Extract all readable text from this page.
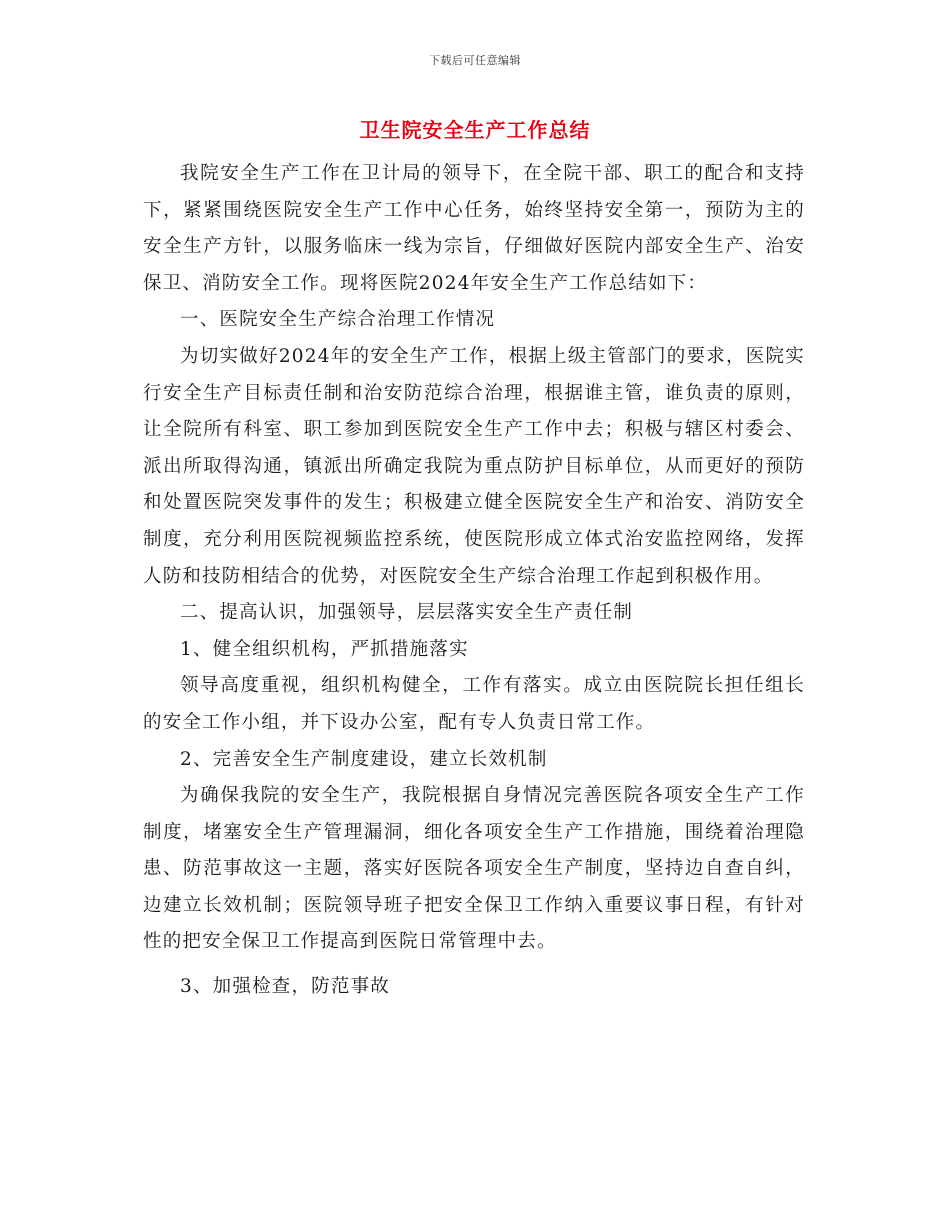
下载后可任意编辑
卫生院安全生产工作总结

我院安全生产工作在卫计局的领导下，在全院干部、职工的配合和支持下，紧紧围绕医院安全生产工作中心任务，始终坚持安全第一，预防为主的安全生产方针，以服务临床一线为宗旨，仔细做好医院内部安全生产、治安保卫、消防安全工作。现将医院2024年安全生产工作总结如下：

一、医院安全生产综合治理工作情况

为切实做好2024年的安全生产工作，根据上级主管部门的要求，医院实行安全生产目标责任制和治安防范综合治理，根据谁主管，谁负责的原则，让全院所有科室、职工参加到医院安全生产工作中去；积极与辖区村委会、派出所取得沟通，镇派出所确定我院为重点防护目标单位，从而更好的预防和处置医院突发事件的发生；积极建立健全医院安全生产和治安、消防安全制度，充分利用医院视频监控系统，使医院形成立体式治安监控网络，发挥人防和技防相结合的优势，对医院安全生产综合治理工作起到积极作用。

二、提高认识，加强领导，层层落实安全生产责任制

1、健全组织机构，严抓措施落实

领导高度重视，组织机构健全，工作有落实。成立由医院院长担任组长的安全工作小组，并下设办公室，配有专人负责日常工作。

2、完善安全生产制度建设，建立长效机制

为确保我院的安全生产，我院根据自身情况完善医院各项安全生产工作制度，堵塞安全生产管理漏洞，细化各项安全生产工作措施，围绕着治理隐患、防范事故这一主题，落实好医院各项安全生产制度，坚持边自查自纠，边建立长效机制；医院领导班子把安全保卫工作纳入重要议事日程，有针对性的把安全保卫工作提高到医院日常管理中去。

3、加强检查，防范事故
